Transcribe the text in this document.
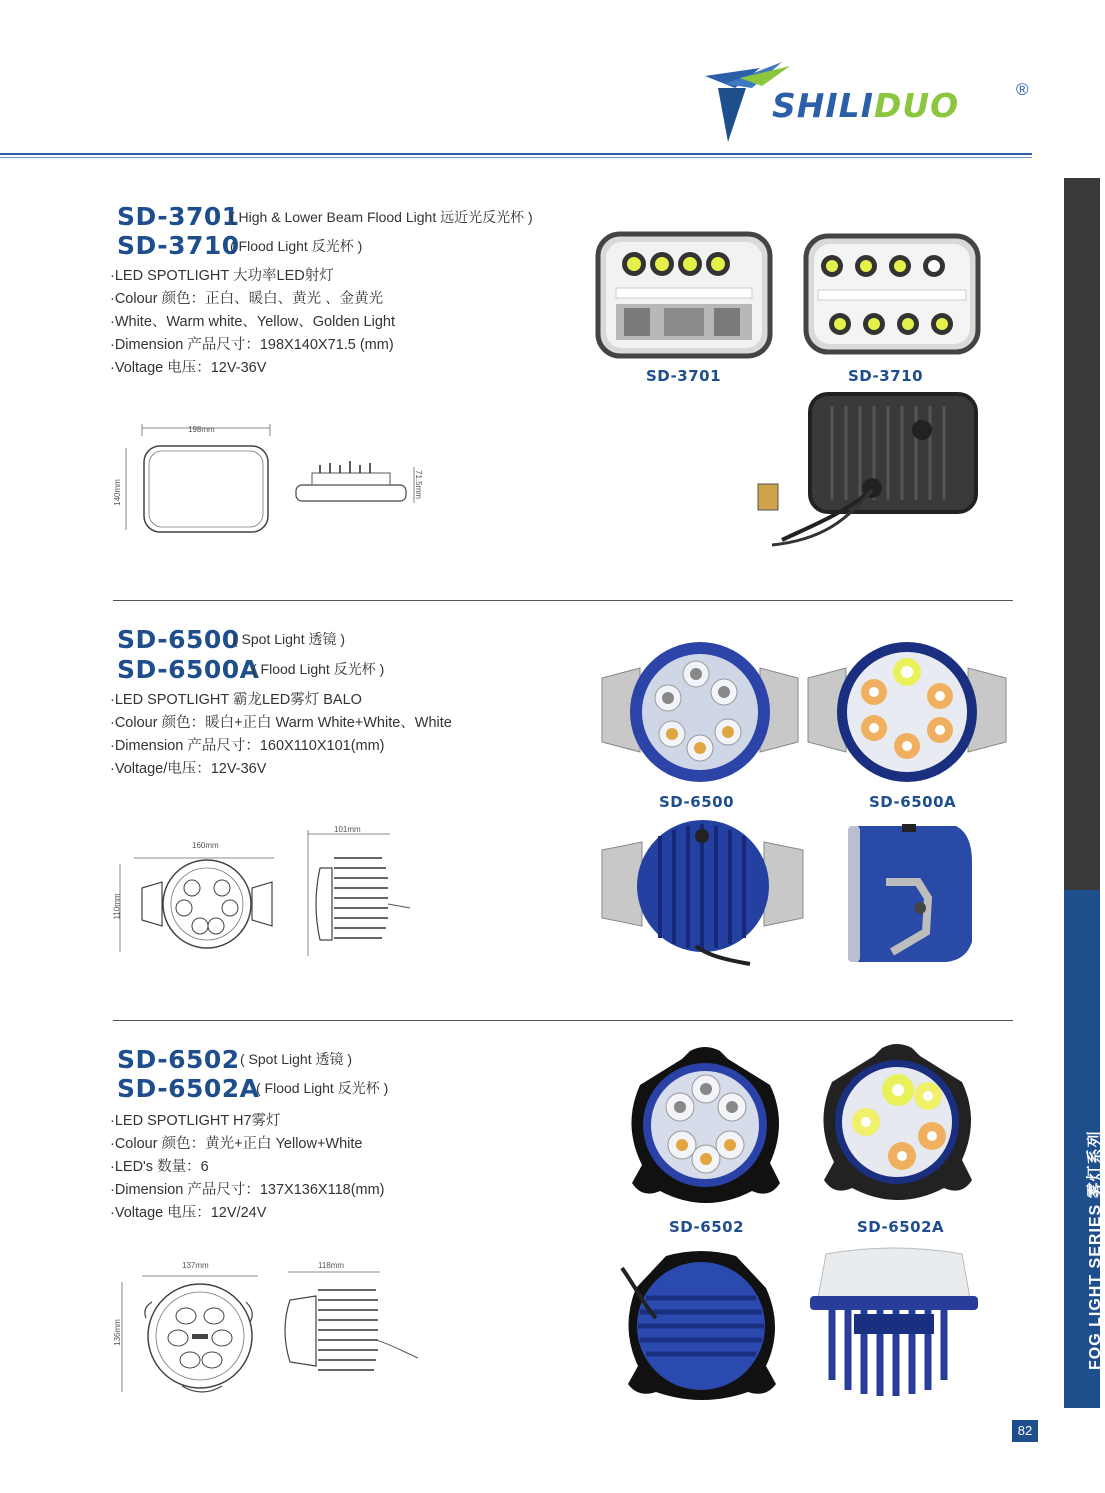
SHILIDUO	®
FOG LIGHT SERIES 雾灯系列
SD-3701
( High & Lower Beam Flood Light 远近光反光杯 )
SD-3710
( Flood Light 反光杯 )
·LED SPOTLIGHT 大功率LED射灯
·Colour 颜色：正白、暖白、黄光 、金黄光
·White、Warm white、Yellow、Golden Light
·Dimension 产品尺寸：198X140X71.5 (mm)
·Voltage 电压：12V-36V
198mm
140mm	71.5mm
SD-3701	SD-3710
SD-6500
( Spot Light 透镜 )
SD-6500A
( Flood Light 反光杯 )
·LED SPOTLIGHT 霸龙LED雾灯 BALO
·Colour 颜色：暖白+正白 Warm White+White、White
·Dimension 产品尺寸：160X110X101(mm)
·Voltage/电压：12V-36V
160mm
110mm
101mm
SD-6500	SD-6500A
SD-6502 ( Spot Light 透镜 )
SD-6502A
( Flood Light 反光杯 )
·LED SPOTLIGHT H7雾灯
·Colour 颜色：黄光+正白 Yellow+White
·LED's 数量：6
·Dimension 产品尺寸：137X136X118(mm)
·Voltage 电压：12V/24V
137mm
136mm
118mm
SD-6502	SD-6502A
82
